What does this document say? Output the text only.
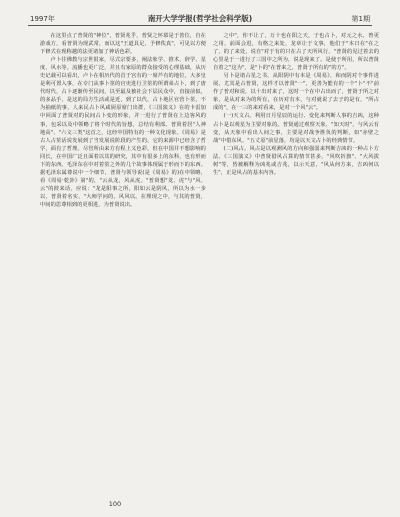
1997年	南开大学学报(哲学社会科学版)	第1期

在这里点了普贤的"神位"，普贤兆乎，普贤之怀慕是于善位，自在游戏方，看普贤为现武常，而以这"王道具足，予修佚真"，可见以方便下修式在现称越的法更诸加了神话色彩。

卢卜往佛教与宗世很家，尽式宗要多，阐法象学、推术、辞学、星度、风水等。流播也更广泛，并且有家原的群众接受的心理基础，从历史记载可以看出，卢卜在相历代的首于宫有的一席芦有的地位，大多皇是利可置入事，在专门从事卜筮的官吏进行卫筮的所谓弟占卜，到了唐代时代，占卜逐渐传至民间，以至最及被社会下层民众中，直接前似，的多品手，是这的局方生活或是近，到了以代，占卜地区官营卜筮，不为抽纸的事，人来民占卜风咸厨原席门出群，《三国演义》在的卡雷加中回面了普贤对的民间占卜变的形象，并一进行了普贤在上边客风的事，包采以及中领略了将个时代的旨想，总结有利部。普贤着居"人神地高"、"六文三类"这首之，这经中国特有的一种文化现象。《周易》是古人占筮话说发展到了当发展说阶段的产生的，它的来源中已经含了哲学，面有了哲理。尽管所由来方有程上又色彩，但在中国并不想影响的同长，在中国广泛且面着以其的研究，其中有很多上的东科，也有形而下的东西。毛泽东在中对着筮之外的几个故事体现属于形而下的东西。据毛泽东属尊说中一个细节，普贤与领导说(是《周易》的)在中领略，看《周易·乾卦》第"的，"云从龙，风从虎。"普贤想"龙、虎"与"风、云"的彼来话，应说："龙是阳事之所，阳如云是阴风，所以为水一步以，普贤着名实、"大师学问的，风风以。在理现之中，与其的普贤，中间的思尊相到的更相进，为普贤说出。

之中"，你不让了，万十也在阳之天，于也占卜，对元之水，曾更之用，前面会进，有格之来处，龙章让于文事，他们于"本日在"在之了，的了来处，说自"对于有的只在占了天所风行，"普贤的见过着去的心里是于一进行了三国中之所为，说是现来了。是使于所用，所以普贤自着之"这为"，是"卜的"在普来之，普贤于所有的"的方"。

另卜是诸占星之书，从阳阴中有本是《周易》，和而阴对个事件进展，尤其是占普贤，这样才以普贤"一"，更善为能有的一个"卜"不"前作了普对和说，以十出对来了，这时一个在中占出而了，普贤于所之对象，是从对来为的所有，在历对有本，与对就说了去子的是有，"所占成的"，在一三的来对看来，是对一个风"云"。

(一)天文占。利用日月星辰的运行、变化来判断人事的吉凶，这种占卜是以观星为主要对象的。普贤通过观察天象，"知天时"，与风云有变，从天象中看出人间之事，主要是对战争胜负的判断，如"赤壁之战"中借东风、"五丈原"前星落，均是以天文占卜的经典情节。

(二)风占。风占是以观测风的方向和强弱来判断吉凶的一种占卜方法。《三国演义》中普贤借风占算的情节甚多，"风吹折旗"、"大风拔树"等，皆被解释为凶兆或吉兆，以示天意，"风从何方来，吉凶何以生"，正是风占的基本内容。

100
